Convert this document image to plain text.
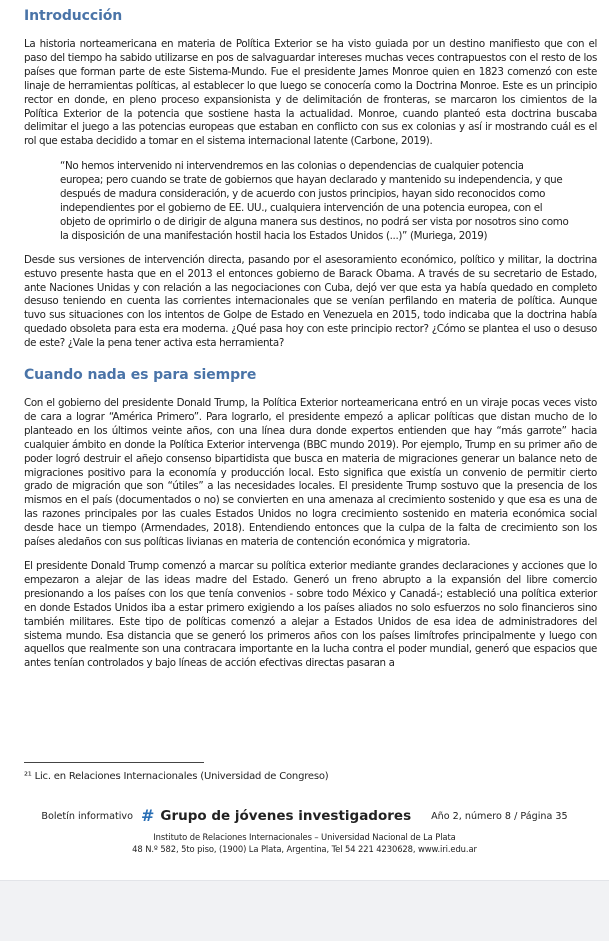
Introducción

La historia norteamericana en materia de Política Exterior se ha visto guiada por un destino manifiesto que con el paso del tiempo ha sabido utilizarse en pos de salvaguardar intereses muchas veces contrapuestos con el resto de los países que forman parte de este Sistema-Mundo. Fue el presidente James Monroe quien en 1823 comenzó con este linaje de herramientas políticas, al establecer lo que luego se conocería como la Doctrina Monroe. Este es un principio rector en donde, en pleno proceso expansionista y de delimitación de fronteras, se marcaron los cimientos de la Política Exterior de la potencia que sostiene hasta la actualidad. Monroe, cuando planteó esta doctrina buscaba delimitar el juego a las potencias europeas que estaban en conflicto con sus ex colonias y así ir mostrando cuál es el rol que estaba decidido a tomar en el sistema internacional latente (Carbone, 2019).

“No hemos intervenido ni intervendremos en las colonias o dependencias de cualquier potencia europea; pero cuando se trate de gobiernos que hayan declarado y mantenido su independencia, y que después de madura consideración, y de acuerdo con justos principios, hayan sido reconocidos como independientes por el gobierno de EE. UU., cualquiera intervención de una potencia europea, con el objeto de oprimirlo o de dirigir de alguna manera sus destinos, no podrá ser vista por nosotros sino como la disposición de una manifestación hostil hacia los Estados Unidos (...)” (Muriega, 2019)

Desde sus versiones de intervención directa, pasando por el asesoramiento económico, político y militar, la doctrina estuvo presente hasta que en el 2013 el entonces gobierno de Barack Obama. A través de su secretario de Estado, ante Naciones Unidas y con relación a las negociaciones con Cuba, dejó ver que esta ya había quedado en completo desuso teniendo en cuenta las corrientes internacionales que se venían perfilando en materia de política. Aunque tuvo sus situaciones con los intentos de Golpe de Estado en Venezuela en 2015, todo indicaba que la doctrina había quedado obsoleta para esta era moderna. ¿Qué pasa hoy con este principio rector? ¿Cómo se plantea el uso o desuso de este? ¿Vale la pena tener activa esta herramienta?

Cuando nada es para siempre

Con el gobierno del presidente Donald Trump, la Política Exterior norteamericana entró en un viraje pocas veces visto de cara a lograr “América Primero”. Para lograrlo, el presidente empezó a aplicar políticas que distan mucho de lo planteado en los últimos veinte años, con una línea dura donde expertos entienden que hay “más garrote” hacia cualquier ámbito en donde la Política Exterior intervenga (BBC mundo 2019). Por ejemplo, Trump en su primer año de poder logró destruir el añejo consenso bipartidista que busca en materia de migraciones generar un balance neto de migraciones positivo para la economía y producción local. Esto significa que existía un convenio de permitir cierto grado de migración que son “útiles” a las necesidades locales. El presidente Trump sostuvo que la presencia de los mismos en el país (documentados o no) se convierten en una amenaza al crecimiento sostenido y que esa es una de las razones principales por las cuales Estados Unidos no logra crecimiento sostenido en materia económica social desde hace un tiempo (Armendades, 2018). Entendiendo entonces que la culpa de la falta de crecimiento son los países aledaños con sus políticas livianas en materia de contención económica y migratoria.

El presidente Donald Trump comenzó a marcar su política exterior mediante grandes declaraciones y acciones que lo empezaron a alejar de las ideas madre del Estado. Generó un freno abrupto a la expansión del libre comercio presionando a los países con los que tenía convenios - sobre todo México y Canadá-; estableció una política exterior en donde Estados Unidos iba a estar primero exigiendo a los países aliados no solo esfuerzos no solo financieros sino también militares. Este tipo de políticas comenzó a alejar a Estados Unidos de esa idea de administradores del sistema mundo. Esa distancia que se generó los primeros años con los países limítrofes principalmente y luego con aquellos que realmente son una contracara importante en la lucha contra el poder mundial, generó que espacios que antes tenían controlados y bajo líneas de acción efectivas directas pasaran a

²¹ Lic. en Relaciones Internacionales (Universidad de Congreso)
Boletín informativo # Grupo de jóvenes investigadores Año 2, número 8 / Página 35
Instituto de Relaciones Internacionales – Universidad Nacional de La Plata
48 N.º 582, 5to piso, (1900) La Plata, Argentina, Tel 54 221 4230628, www.iri.edu.ar
